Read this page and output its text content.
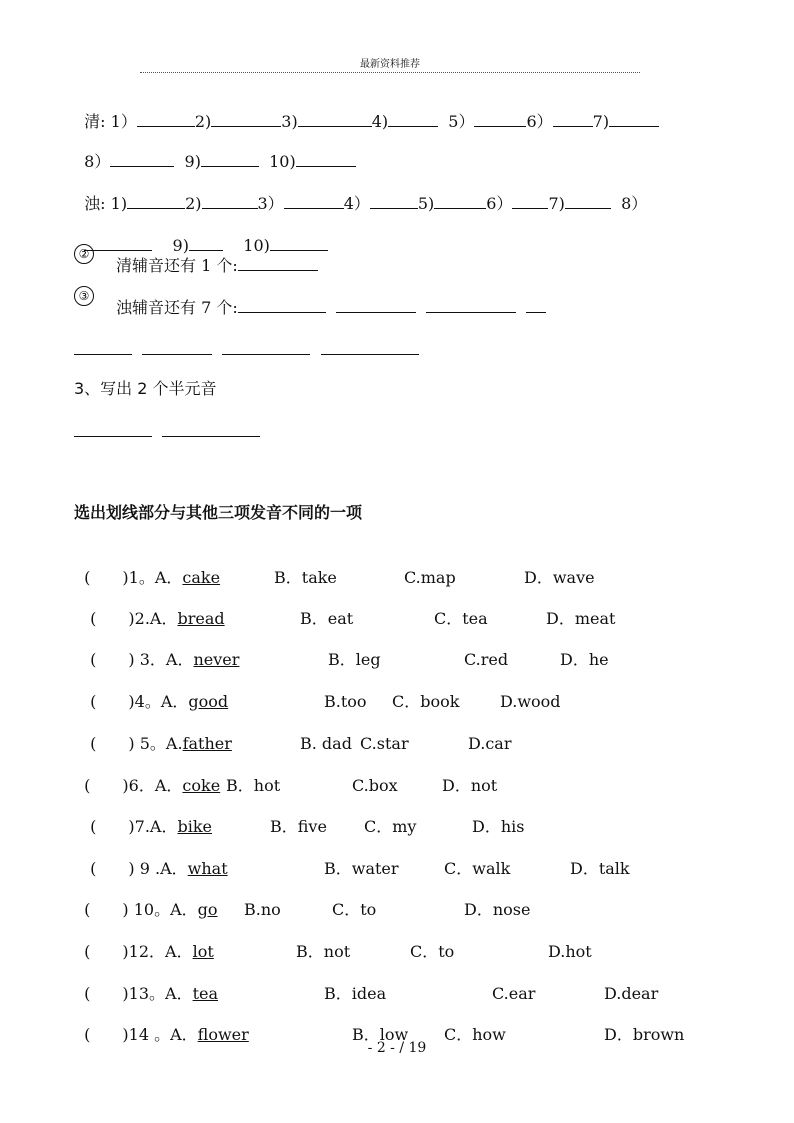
最新资料推荐

清: 1）	2)	3)	4)	5）	6）	7)

8）	9)	10)

浊: 1)	2)	3）	4）	5)	6） 7)	8）

9)	10)

②
清辅音还有 1 个:
③
浊辅音还有 7 个:

3、写出 2 个半元音

选出划线部分与其他三项发音不同的一项

(　　)1。A．cake	B．take	C.map	D．wave

(　　)2.A．bread	B．eat	C．tea	D．meat

(　　) 3．A．never	B．leg	C.red	D．he

(　　)4。A．good	B.too C．book	D.wood

(　　) 5。A.father	B. dad C.star	D.car

(　　)6．A．coke B．hot	C.box	D．not

(　　)7.A．bike	B．five C．my	D．his

(　　) 9 .A．what	B．water	C．walk	D．talk

(　　) 10。A．go B.no	C．to	D．nose

(　　)12．A．lot	B．not	C．to	D.hot

(　　)13。A．tea	B．idea	C.ear	D.dear

(　　)14 。A．flower	B．low C．how	D．brown

- 2 - / 19
